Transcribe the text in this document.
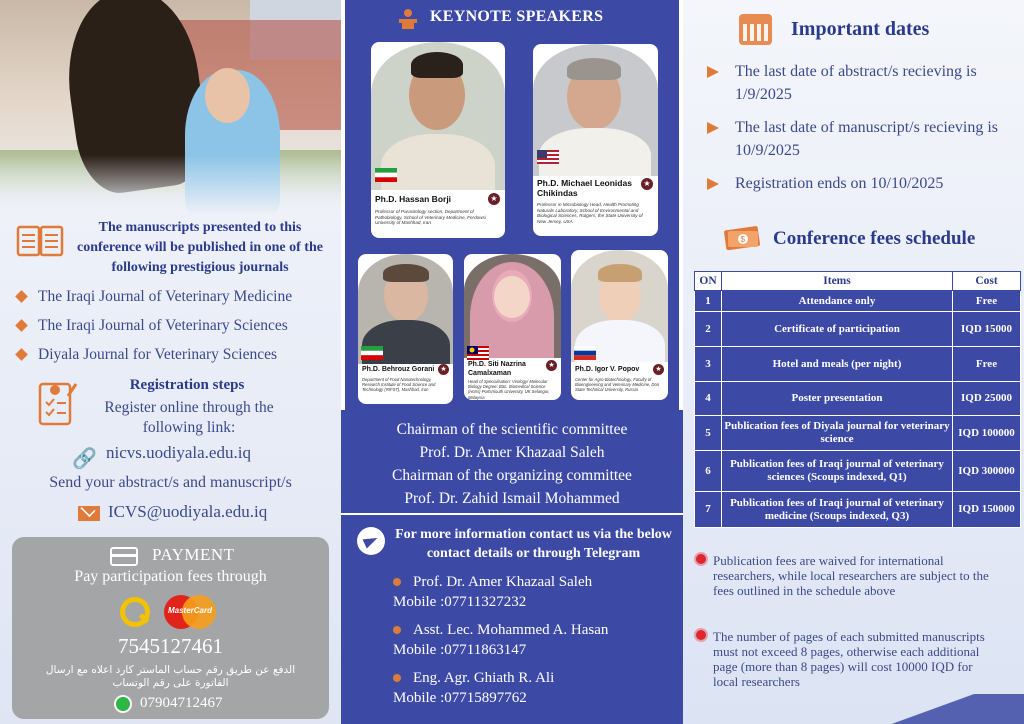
The manuscripts presented to this conference will be published in one of the following prestigious journals
The Iraqi Journal of Veterinary Medicine
The Iraqi Journal of Veterinary Sciences
Diyala Journal for Veterinary Sciences
Registration steps
Register online through the following link:
🔗 nicvs.uodiyala.edu.iq
Send your abstract/s and manuscript/s
ICVS@uodiyala.edu.iq
PAYMENT
Pay participation fees through
MasterCard
7545127461
الدفع عن طريق رقم حساب الماستر كارد اعلاه مع ارسال الفاتورة على رقم الوتساب
07904712467
KEYNOTE SPEAKERS
Ph.D. Hassan Borji	★
Professor of Parasitology section, Department of Pathobiology, School of Veterinary Medicine, Ferdowsi University of Mashhad, Iran
Ph.D. Michael Leonidas Chikindas
★
Professor in Microbiology Head, Health Promoting Naturals Laboratory, School of Environmental and Biological Sciences, Rutgers, the State University of New Jersey, USA
Ph.D. Behrouz Gorani ★
Department of Food Nanotechnology, Research Institute of Food Science and Technology (RIFST), Mashhad, Iran
Ph.D. Siti Nazrina Camalxaman
★
Head of Specialisation: Virology/ Molecular Biology Degree: BSc. Biomedical Science (Hons) Portsmouth University, UK Selangor, Malaysia
Ph.D. Igor V. Popov	★
Center for Agro-Biotechnology, Faculty of Bioengineering and Veterinary Medicine, Don State Technical University, Russia
Chairman of the scientific committee
Prof. Dr. Amer Khazaal Saleh
Chairman of the organizing committee
Prof. Dr. Zahid Ismail Mohammed
For more information contact us via the below contact details or through Telegram
Prof. Dr. Amer Khazaal Saleh
Mobile :07711327232
Asst. Lec. Mohammed A. Hasan
Mobile :07711863147
Eng. Agr. Ghiath R. Ali
Mobile :07715897762
Important dates
The last date of abstract/s recieving is 1/9/2025
The last date of manuscript/s recieving is 10/9/2025
Registration ends on 10/10/2025
$ Conference fees schedule
ON	Items	Cost
1	Attendance only	Free
2	Certificate of participation	IQD 15000
3	Hotel and meals (per night)	Free
4	Poster presentation	IQD 25000
5	Publication fees of Diyala journal for veterinary science	IQD 100000
6	Publication fees of Iraqi journal of veterinary sciences (Scoups indexed, Q1)	IQD 300000
7	Publication fees of Iraqi journal of veterinary medicine (Scoups indexed, Q3)	IQD 150000
Publication fees are waived for international researchers, while local researchers are subject to the fees outlined in the schedule above
The number of pages of each submitted manuscripts must not exceed 8 pages, otherwise each additional page (more than 8 pages) will cost 10000 IQD for local researchers
